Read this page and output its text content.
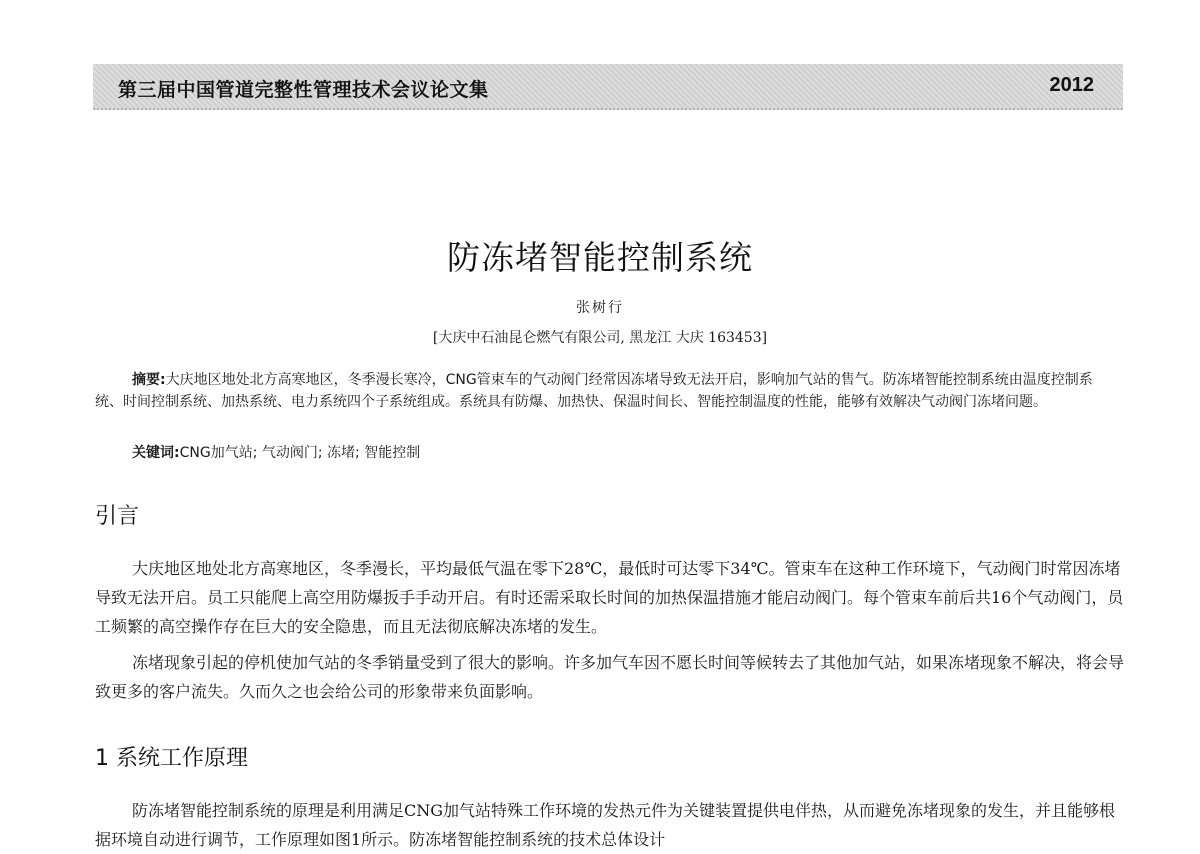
第三届中国管道完整性管理技术会议论文集	2012
防冻堵智能控制系统
张树行
[大庆中石油昆仑燃气有限公司, 黑龙江 大庆 163453]
摘要:大庆地区地处北方高寒地区，冬季漫长寒冷，CNG管束车的气动阀门经常因冻堵导致无法开启，影响加气站的售气。防冻堵智能控制系统由温度控制系统、时间控制系统、加热系统、电力系统四个子系统组成。系统具有防爆、加热快、保温时间长、智能控制温度的性能，能够有效解决气动阀门冻堵问题。
关键词:CNG加气站; 气动阀门; 冻堵; 智能控制
引言
大庆地区地处北方高寒地区，冬季漫长，平均最低气温在零下28℃，最低时可达零下34℃。管束车在这种工作环境下，气动阀门时常因冻堵导致无法开启。员工只能爬上高空用防爆扳手手动开启。有时还需采取长时间的加热保温措施才能启动阀门。每个管束车前后共16个气动阀门，员工频繁的高空操作存在巨大的安全隐患，而且无法彻底解决冻堵的发生。
冻堵现象引起的停机使加气站的冬季销量受到了很大的影响。许多加气车因不愿长时间等候转去了其他加气站，如果冻堵现象不解决，将会导致更多的客户流失。久而久之也会给公司的形象带来负面影响。
1 系统工作原理
防冻堵智能控制系统的原理是利用满足CNG加气站特殊工作环境的发热元件为关键装置提供电伴热，从而避免冻堵现象的发生，并且能够根据环境自动进行调节，工作原理如图1所示。防冻堵智能控制系统的技术总体设计
